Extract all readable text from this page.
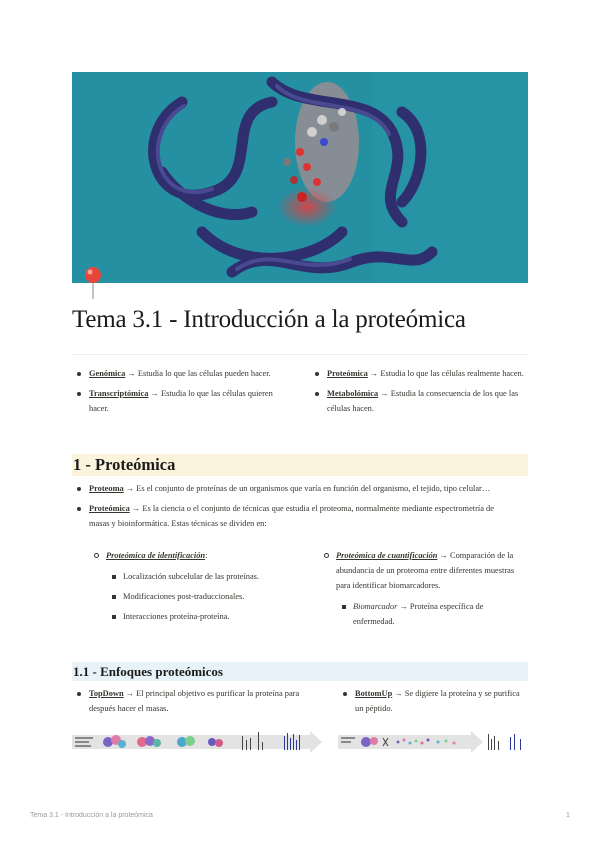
Tema 3.1 - Introducción a la proteómica
Genómica → Estudia lo que las células pueden hacer.
Transcriptómica → Estudia lo que las células quieren hacer.
Proteómica → Estudia lo que las células realmente hacen.
Metabolómica → Estudia la consecuencia de los que las células hacen.
1 - Proteómica
Proteoma → Es el conjunto de proteínas de un organismos que varía en función del organismo, el tejido, tipo celular…
Proteómica → Es la ciencia o el conjunto de técnicas que estudia el proteoma, normalmente mediante espectrometría de masas y bioinformática. Estas técnicas se dividen en:
Proteómica de identificación:
Localización subcelular de las proteínas.
Modificaciones post-traduccionales.
Interacciones proteína-proteína.
Proteómica de cuantificación → Comparación de la abundancia de un proteoma entre diferentes muestras para identificar biomarcadores.
Biomarcador → Proteína específica de enfermedad.
1.1 - Enfoques proteómicos
TopDown → El principal objetivo es purificar la proteína para después hacer el masas.
BottomUp → Se digiere la proteína y se purifica un péptido.
Tema 3.1 - Introducción a la proteómica	1
